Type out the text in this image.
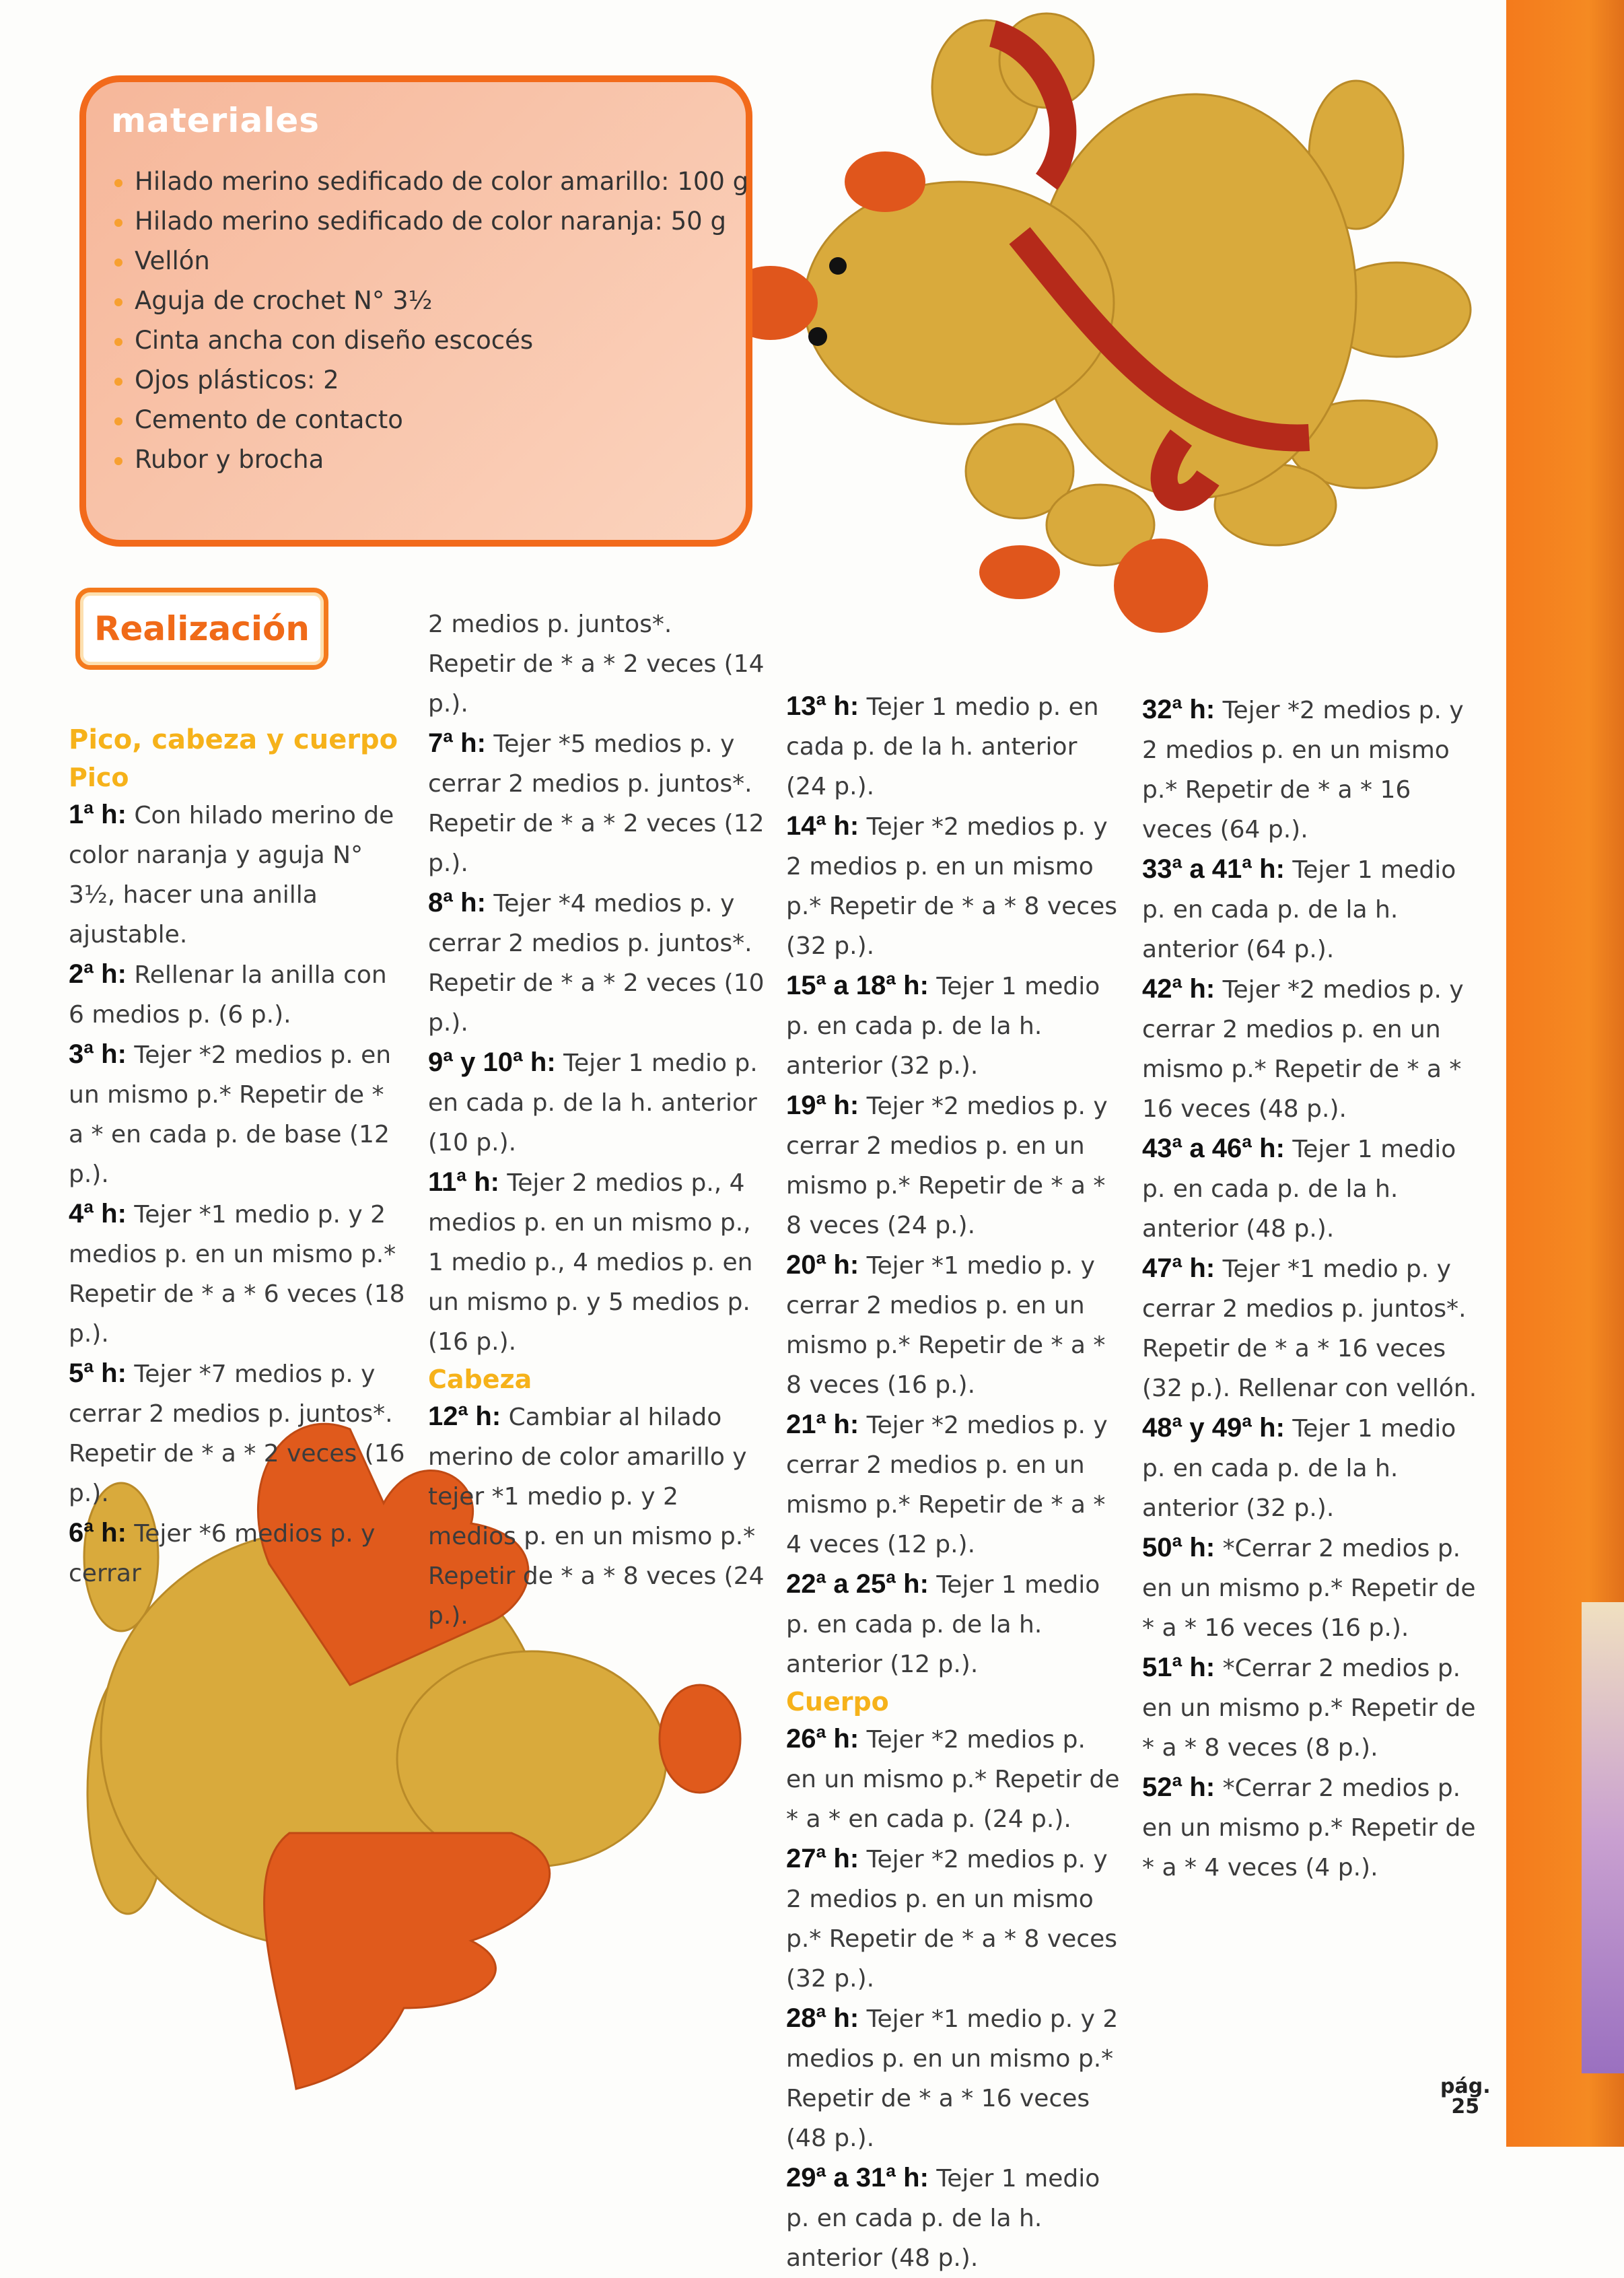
materiales
Hilado merino sedificado de color amarillo: 100 g
Hilado merino sedificado de color naranja: 50 g
Vellón
Aguja de crochet N° 3½
Cinta ancha con diseño escocés
Ojos plásticos: 2
Cemento de contacto
Rubor y brocha
Realización
Pico, cabeza y cuerpo
Pico

1ª h: Con hilado merino de color naranja y aguja N° 3½, hacer una anilla ajustable.

2ª h: Rellenar la anilla con 6 medios p. (6 p.).

3ª h: Tejer *2 medios p. en un mismo p.* Repetir de * a * en cada p. de base (12 p.).

4ª h: Tejer *1 medio p. y 2 medios p. en un mismo p.* Repetir de * a * 6 veces (18 p.).

5ª h: Tejer *7 medios p. y cerrar 2 medios p. juntos*. Repetir de * a * 2 veces (16 p.).

6ª h: Tejer *6 medios p. y cerrar

2 medios p. juntos*. Repetir de * a * 2 veces (14 p.).

7ª h: Tejer *5 medios p. y cerrar 2 medios p. juntos*. Repetir de * a * 2 veces (12 p.).

8ª h: Tejer *4 medios p. y cerrar 2 medios p. juntos*. Repetir de * a * 2 veces (10 p.).

9ª y 10ª h: Tejer 1 medio p. en cada p. de la h. anterior (10 p.).

11ª h: Tejer 2 medios p., 4 medios p. en un mismo p., 1 medio p., 4 medios p. en un mismo p. y 5 medios p. (16 p.).

Cabeza

12ª h: Cambiar al hilado merino de color amarillo y tejer *1 medio p. y 2 medios p. en un mismo p.* Repetir de * a * 8 veces (24 p.).

13ª h: Tejer 1 medio p. en cada p. de la h. anterior (24 p.).

14ª h: Tejer *2 medios p. y 2 medios p. en un mismo p.* Repetir de * a * 8 veces (32 p.).

15ª a 18ª h: Tejer 1 medio p. en cada p. de la h. anterior (32 p.).

19ª h: Tejer *2 medios p. y cerrar 2 medios p. en un mismo p.* Repetir de * a * 8 veces (24 p.).

20ª h: Tejer *1 medio p. y cerrar 2 medios p. en un mismo p.* Repetir de * a * 8 veces (16 p.).

21ª h: Tejer *2 medios p. y cerrar 2 medios p. en un mismo p.* Repetir de * a * 4 veces (12 p.).

22ª a 25ª h: Tejer 1 medio p. en cada p. de la h. anterior (12 p.).

Cuerpo

26ª h: Tejer *2 medios p. en un mismo p.* Repetir de * a * en cada p. (24 p.).

27ª h: Tejer *2 medios p. y 2 medios p. en un mismo p.* Repetir de * a * 8 veces (32 p.).

28ª h: Tejer *1 medio p. y 2 medios p. en un mismo p.* Repetir de * a * 16 veces (48 p.).

29ª a 31ª h: Tejer 1 medio p. en cada p. de la h. anterior (48 p.).

32ª h: Tejer *2 medios p. y 2 medios p. en un mismo p.* Repetir de * a * 16 veces (64 p.).

33ª a 41ª h: Tejer 1 medio p. en cada p. de la h. anterior (64 p.).

42ª h: Tejer *2 medios p. y cerrar 2 medios p. en un mismo p.* Repetir de * a * 16 veces (48 p.).

43ª a 46ª h: Tejer 1 medio p. en cada p. de la h. anterior (48 p.).

47ª h: Tejer *1 medio p. y cerrar 2 medios p. juntos*. Repetir de * a * 16 veces (32 p.). Rellenar con vellón.

48ª y 49ª h: Tejer 1 medio p. en cada p. de la h. anterior (32 p.).

50ª h: *Cerrar 2 medios p. en un mismo p.* Repetir de * a * 16 veces (16 p.).

51ª h: *Cerrar 2 medios p. en un mismo p.* Repetir de * a * 8 veces (8 p.).

52ª h: *Cerrar 2 medios p. en un mismo p.* Repetir de * a * 4 veces (4 p.).

pág.
25
